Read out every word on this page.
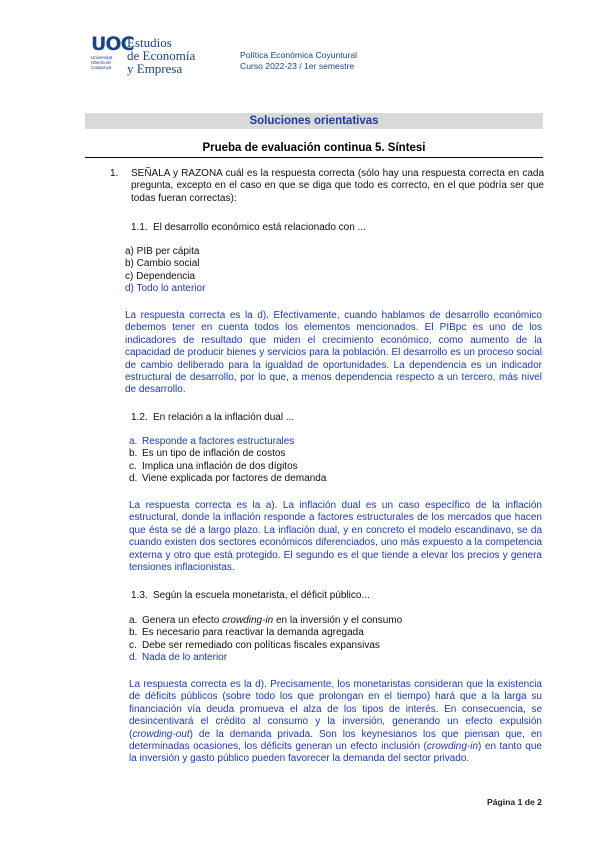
UOC
Universitat Oberta de Catalunya
Estudios
de Economía
y Empresa
Política Económica Coyuntural
Curso 2022-23 / 1er semestre
Soluciones orientativas
Prueba de evaluación continua 5. Síntesi
1. SEÑALA y RAZONA cuál es la respuesta correcta (sólo hay una respuesta correcta en cada pregunta, excepto en el caso en que se diga que todo es correcto, en el que podría ser que todas fueran correctas):
1.1. El desarrollo económico está relacionado con ...
a) PIB per cápita
b) Cambio social
c) Dependencia
d) Todo lo anterior
La respuesta correcta es la d). Efectivamente, cuando hablamos de desarrollo económico debemos tener en cuenta todos los elementos mencionados. El PIBpc es uno de los indicadores de resultado que miden el crecimiento económico, como aumento de la capacidad de producir bienes y servicios para la población. El desarrollo es un proceso social de cambio deliberado para la igualdad de oportunidades. La dependencia es un indicador estructural de desarrollo, por lo que, a menos dependencia respecto a un tercero, más nivel de desarrollo.
1.2. En relación a la inflación dual ...
a. Responde a factores estructurales
b. Es un tipo de inflación de costos
c. Implica una inflación de dos dígitos
d. Viene explicada por factores de demanda
La respuesta correcta es la a). La inflación dual es un caso específico de la inflación estructural, donde la inflación responde a factores estructurales de los mercados que hacen que ésta se dé a largo plazo. La inflación dual, y en concreto el modelo escandinavo, se da cuando existen dos sectores económicos diferenciados, uno más expuesto a la competencia externa y otro que está protegido. El segundo es el que tiende a elevar los precios y genera tensiones inflacionistas.
1.3. Según la escuela monetarista, el déficit público...
a. Genera un efecto crowding-in en la inversión y el consumo
b. Es necesario para reactivar la demanda agregada
c. Debe ser remediado con políticas fiscales expansivas
d. Nada de lo anterior
La respuesta correcta es la d). Precisamente, los monetaristas consideran que la existencia de déficits públicos (sobre todo los que prolongan en el tiempo) hará que a la larga su financiación vía deuda promueva el alza de los tipos de interés. En consecuencia, se desincentivará el crédito al consumo y la inversión, generando un efecto expulsión (crowding-out) de la demanda privada. Son los keynesianos los que piensan que, en determinadas ocasiones, los déficits generan un efecto inclusión (crowding-in) en tanto que la inversión y gasto público pueden favorecer la demanda del sector privado.
Página 1 de 2
